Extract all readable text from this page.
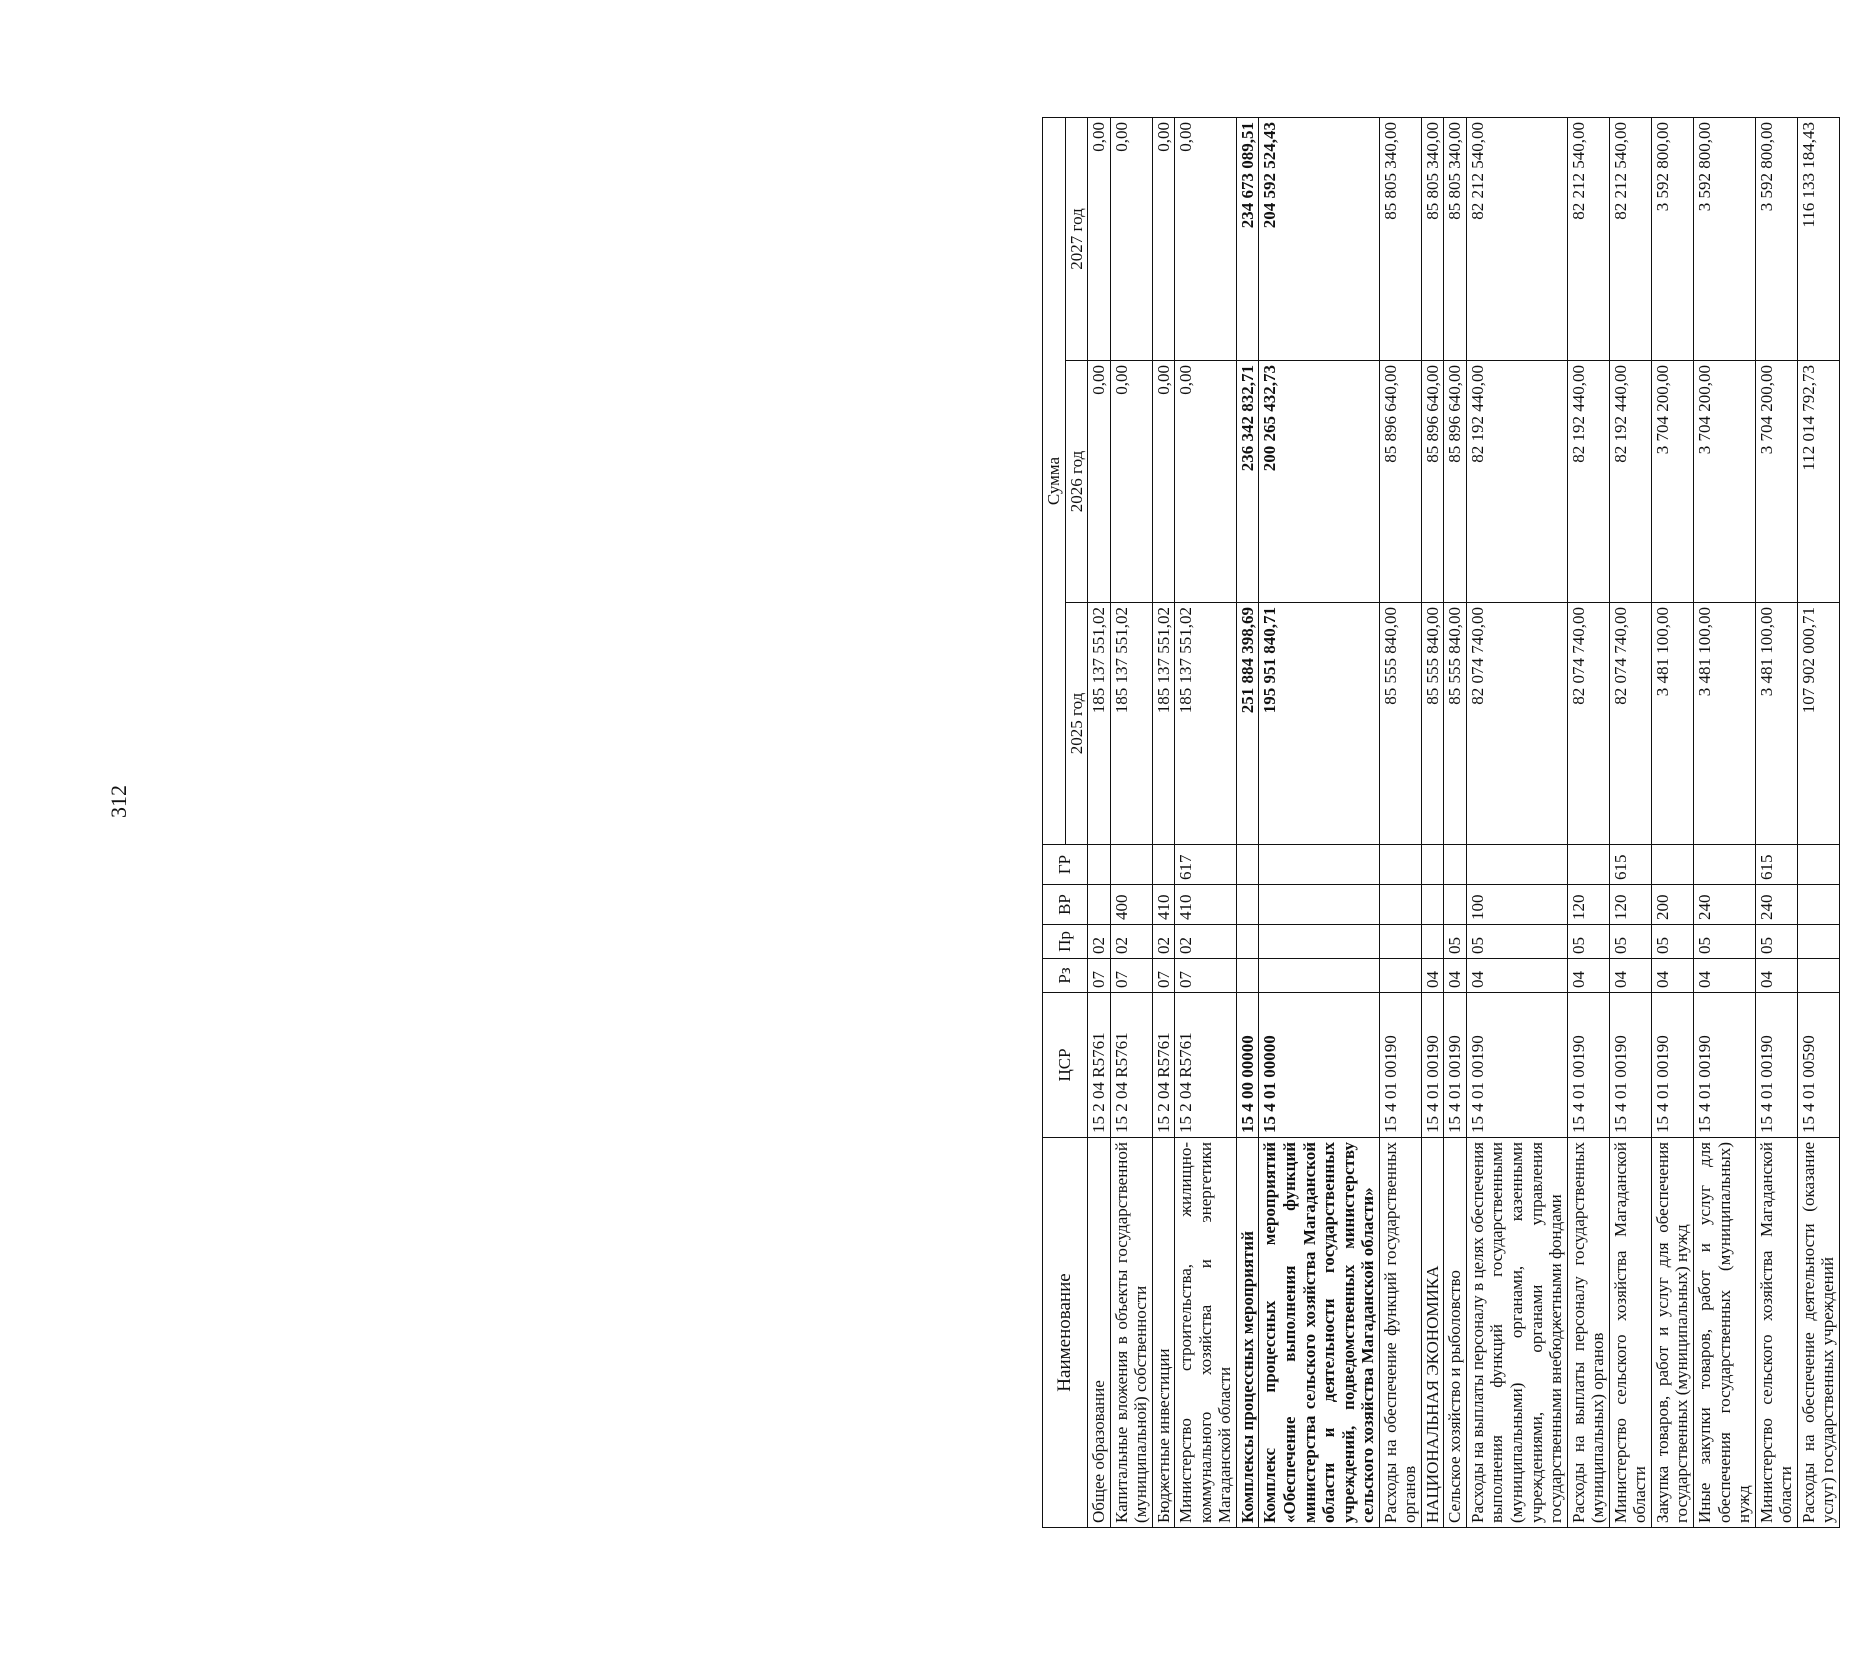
312
Наименование	ЦСР	Рз	Пр	ВР	ГР	Сумма		
						2025 год	2026 год	2027 год
Общее образование	15 2 04 R5761	07	02			185 137 551,02	0,00	0,00
Капитальные вложения в объекты государственной (муниципальной) собственности	15 2 04 R5761	07	02	400		185 137 551,02	0,00	0,00
Бюджетные инвестиции	15 2 04 R5761	07	02	410		185 137 551,02	0,00	0,00
Министерство строительства, жилищно-коммунального хозяйства и энергетики Магаданской области	15 2 04 R5761	07	02	410	617	185 137 551,02	0,00	0,00
Комплексы процессных мероприятий	15 4 00 00000					251 884 398,69	236 342 832,71	234 673 089,51
Комплекс процессных мероприятий «Обеспечение выполнения функций министерства сельского хозяйства Магаданской области и деятельности государственных учреждений, подведомственных министерству сельского хозяйства Магаданской области»	15 4 01 00000					195 951 840,71	200 265 432,73	204 592 524,43
Расходы на обеспечение функций государственных органов	15 4 01 00190					85 555 840,00	85 896 640,00	85 805 340,00
НАЦИОНАЛЬНАЯ ЭКОНОМИКА	15 4 01 00190	04				85 555 840,00	85 896 640,00	85 805 340,00
Сельское хозяйство и рыболовство	15 4 01 00190	04	05			85 555 840,00	85 896 640,00	85 805 340,00
Расходы на выплаты персоналу в целях обеспечения выполнения функций государственными (муниципальными) органами, казенными учреждениями, органами управления государственными внебюджетными фондами	15 4 01 00190	04	05	100		82 074 740,00	82 192 440,00	82 212 540,00
Расходы на выплаты персоналу государственных (муниципальных) органов	15 4 01 00190	04	05	120		82 074 740,00	82 192 440,00	82 212 540,00
Министерство сельского хозяйства Магаданской области	15 4 01 00190	04	05	120	615	82 074 740,00	82 192 440,00	82 212 540,00
Закупка товаров, работ и услуг для обеспечения государственных (муниципальных) нужд	15 4 01 00190	04	05	200		3 481 100,00	3 704 200,00	3 592 800,00
Иные закупки товаров, работ и услуг для обеспечения государственных (муниципальных) нужд	15 4 01 00190	04	05	240		3 481 100,00	3 704 200,00	3 592 800,00
Министерство сельского хозяйства Магаданской области	15 4 01 00190	04	05	240	615	3 481 100,00	3 704 200,00	3 592 800,00
Расходы на обеспечение деятельности (оказание услуг) государственных учреждений	15 4 01 00590					107 902 000,71	112 014 792,73	116 133 184,43
